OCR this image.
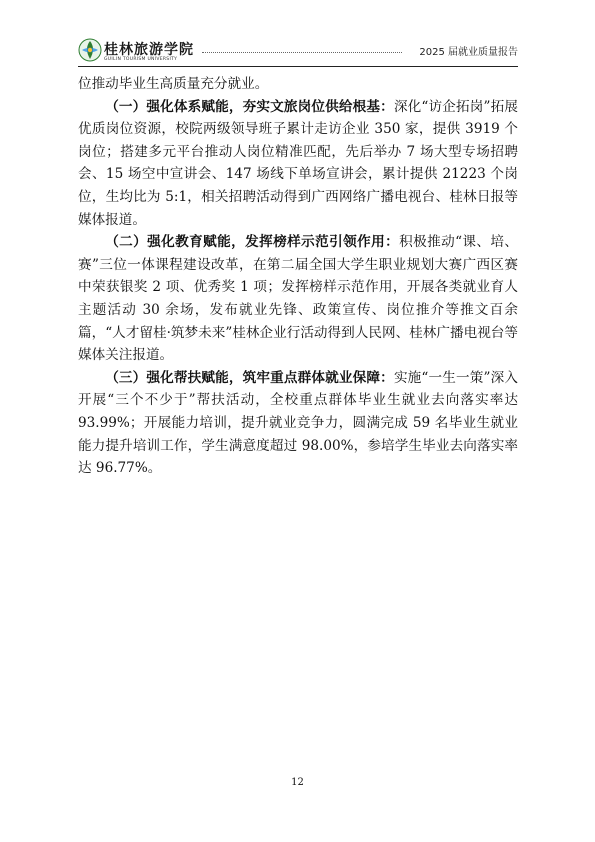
桂林旅游学院
GUILIN TOURISM UNIVERSITY
2025 届就业质量报告

位推动毕业生高质量充分就业。

（一）强化体系赋能，夯实文旅岗位供给根基：深化“访企拓岗”拓展优质岗位资源，校院两级领导班子累计走访企业 350 家，提供 3919 个岗位；搭建多元平台推动人岗位精准匹配，先后举办 7 场大型专场招聘会、15 场空中宣讲会、147 场线下单场宣讲会，累计提供 21223 个岗位，生均比为 5:1，相关招聘活动得到广西网络广播电视台、桂林日报等媒体报道。

（二）强化教育赋能，发挥榜样示范引领作用：积极推动“课、培、赛”三位一体课程建设改革，在第二届全国大学生职业规划大赛广西区赛中荣获银奖 2 项、优秀奖 1 项；发挥榜样示范作用，开展各类就业育人主题活动 30 余场，发布就业先锋、政策宣传、岗位推介等推文百余篇，“人才留桂·筑梦未来”桂林企业行活动得到人民网、桂林广播电视台等媒体关注报道。

（三）强化帮扶赋能，筑牢重点群体就业保障：实施“一生一策”深入开展“三个不少于”帮扶活动，全校重点群体毕业生就业去向落实率达 93.99%；开展能力培训，提升就业竞争力，圆满完成 59 名毕业生就业能力提升培训工作，学生满意度超过 98.00%，参培学生毕业去向落实率达 96.77%。

12
